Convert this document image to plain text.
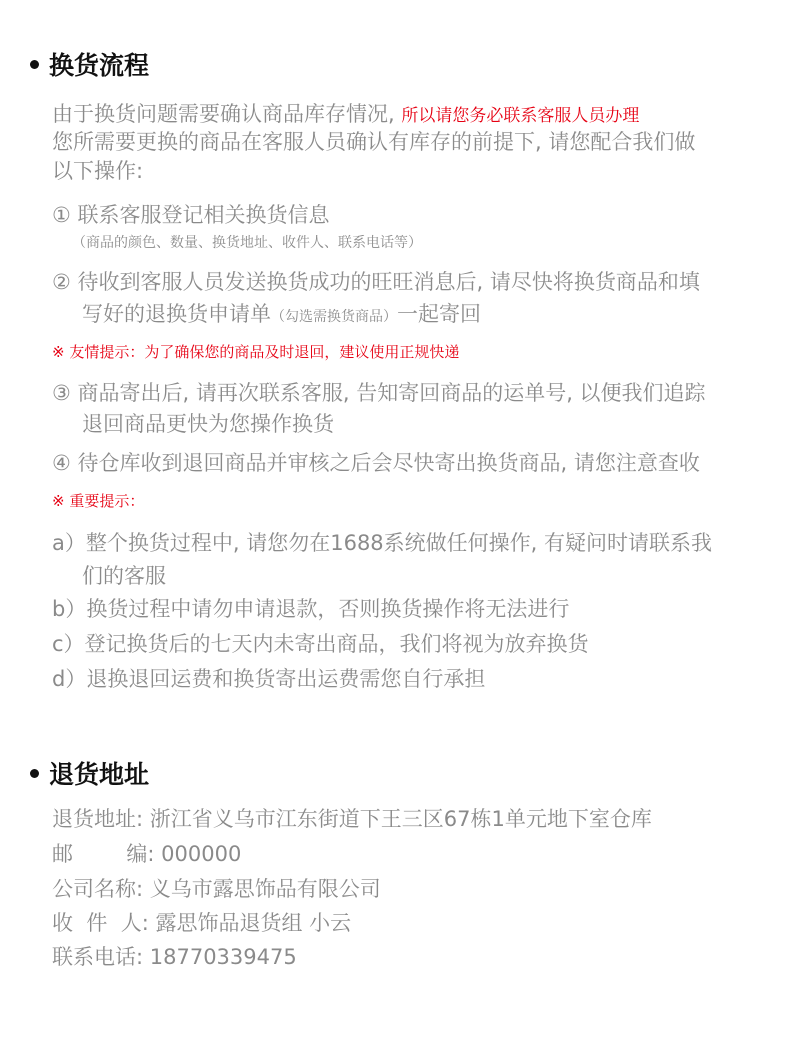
换货流程
由于换货问题需要确认商品库存情况, 所以请您务必联系客服人员办理
您所需要更换的商品在客服人员确认有库存的前提下, 请您配合我们做
以下操作:
① 联系客服登记相关换货信息
（商品的颜色、数量、换货地址、收件人、联系电话等）
② 待收到客服人员发送换货成功的旺旺消息后, 请尽快将换货商品和填
写好的退换货申请单（勾选需换货商品）一起寄回
※ 友情提示：为了确保您的商品及时退回，建议使用正规快递
③ 商品寄出后, 请再次联系客服, 告知寄回商品的运单号, 以便我们追踪
退回商品更快为您操作换货
④ 待仓库收到退回商品并审核之后会尽快寄出换货商品, 请您注意查收
※ 重要提示：
a）整个换货过程中, 请您勿在1688系统做任何操作, 有疑问时请联系我
们的客服
b）换货过程中请勿申请退款，否则换货操作将无法进行
c）登记换货后的七天内未寄出商品，我们将视为放弃换货
d）退换退回运费和换货寄出运费需您自行承担
退货地址
退货地址: 浙江省义乌市江东街道下王三区67栋1单元地下室仓库
邮        编: 000000
公司名称: 义乌市露思饰品有限公司
收  件  人: 露思饰品退货组 小云
联系电话: 18770339475
